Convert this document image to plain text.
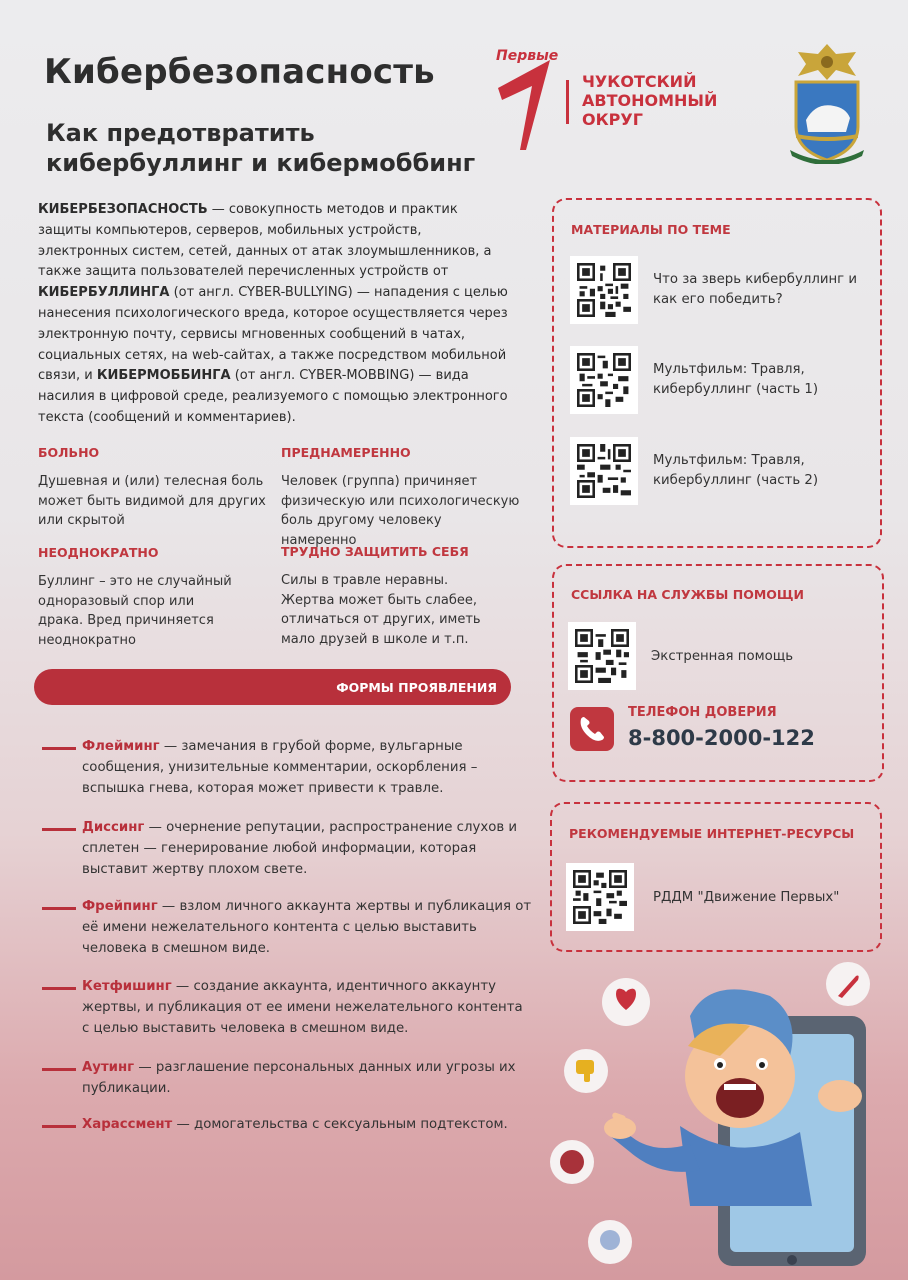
Кибербезопасность
Как предотвратить кибербуллинг и кибермоббинг
Первые
ЧУКОТСКИЙ
АВТОНОМНЫЙ
ОКРУГ
КИБЕРБЕЗОПАСНОСТЬ — совокупность методов и практик защиты компьютеров, серверов, мобильных устройств, электронных систем, сетей, данных от атак злоумышленников, а также защита пользователей перечисленных устройств от КИБЕРБУЛЛИНГА (от англ. CYBER-BULLYING) — нападения с целью нанесения психологического вреда, которое осуществляется через электронную почту, сервисы мгновенных сообщений в чатах, социальных сетях, на web-сайтах, а также посредством мобильной связи, и КИБЕРМОББИНГА (от англ. CYBER-MOBBING) — вида насилия в цифровой среде, реализуемого с помощью электронного текста (сообщений и комментариев).
БОЛЬНО
Душевная и (или) телесная боль может быть видимой для других или скрытой
ПРЕДНАМЕРЕННО
Человек (группа) причиняет физическую или психологическую боль другому человеку намеренно
НЕОДНОКРАТНО
Буллинг – это не случайный одноразовый спор или драка. Вред причиняется неоднократно
ТРУДНО ЗАЩИТИТЬ СЕБЯ
Силы в травле неравны. Жертва может быть слабее, отличаться от других, иметь мало друзей в школе и т.п.
ФОРМЫ ПРОЯВЛЕНИЯ
Флейминг — замечания в грубой форме, вульгарные сообщения, унизительные комментарии, оскорбления – вспышка гнева, которая может привести к травле.
Диссинг — очернение репутации, распространение слухов и сплетен — генерирование любой информации, которая выставит жертву плохом свете.
Фрейпинг — взлом личного аккаунта жертвы и публикация от её имени нежелательного контента с целью выставить человека в смешном виде.
Кетфишинг — создание аккаунта, идентичного аккаунту жертвы, и публикация от ее имени нежелательного контента с целью выставить человека в смешном виде.
Аутинг — разглашение персональных данных или угрозы их публикации.
Харассмент — домогательства с сексуальным подтекстом.
МАТЕРИАЛЫ ПО ТЕМЕ
Что за зверь кибербуллинг и как его победить?
Мультфильм: Травля, кибербуллинг (часть 1)
Мультфильм: Травля, кибербуллинг (часть 2)
ССЫЛКА НА СЛУЖБЫ ПОМОЩИ
Экстренная помощь
ТЕЛЕФОН ДОВЕРИЯ
8-800-2000-122
РЕКОМЕНДУЕМЫЕ ИНТЕРНЕТ-РЕСУРСЫ
РДДМ "Движение Первых"
